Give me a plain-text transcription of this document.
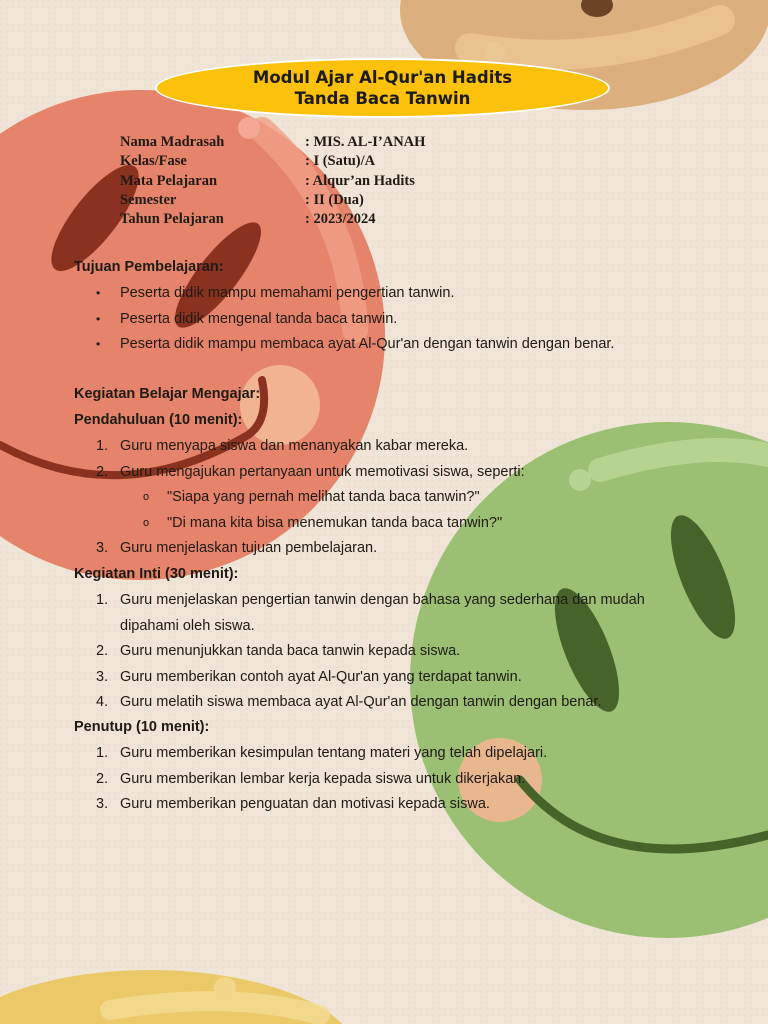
Modul Ajar Al-Qur'an Hadits
Tanda Baca Tanwin
Nama Madrasah	: MIS. AL-I’ANAH
Kelas/Fase	: I (Satu)/A
Mata Pelajaran	: Alqur’an Hadits
Semester	: II (Dua)
Tahun Pelajaran	: 2023/2024
Tujuan Pembelajaran:
• Peserta didik mampu memahami pengertian tanwin.
• Peserta didik mengenal tanda baca tanwin.
• Peserta didik mampu membaca ayat Al-Qur'an dengan tanwin dengan benar.
Kegiatan Belajar Mengajar:
Pendahuluan (10 menit):
1. Guru menyapa siswa dan menanyakan kabar mereka.
2. Guru mengajukan pertanyaan untuk memotivasi siswa, seperti:
o "Siapa yang pernah melihat tanda baca tanwin?"
o "Di mana kita bisa menemukan tanda baca tanwin?"
3. Guru menjelaskan tujuan pembelajaran.
Kegiatan Inti (30 menit):
1. Guru menjelaskan pengertian tanwin dengan bahasa yang sederhana dan mudah
dipahami oleh siswa.
2. Guru menunjukkan tanda baca tanwin kepada siswa.
3. Guru memberikan contoh ayat Al-Qur'an yang terdapat tanwin.
4. Guru melatih siswa membaca ayat Al-Qur'an dengan tanwin dengan benar.
Penutup (10 menit):
1. Guru memberikan kesimpulan tentang materi yang telah dipelajari.
2. Guru memberikan lembar kerja kepada siswa untuk dikerjakan.
3. Guru memberikan penguatan dan motivasi kepada siswa.
